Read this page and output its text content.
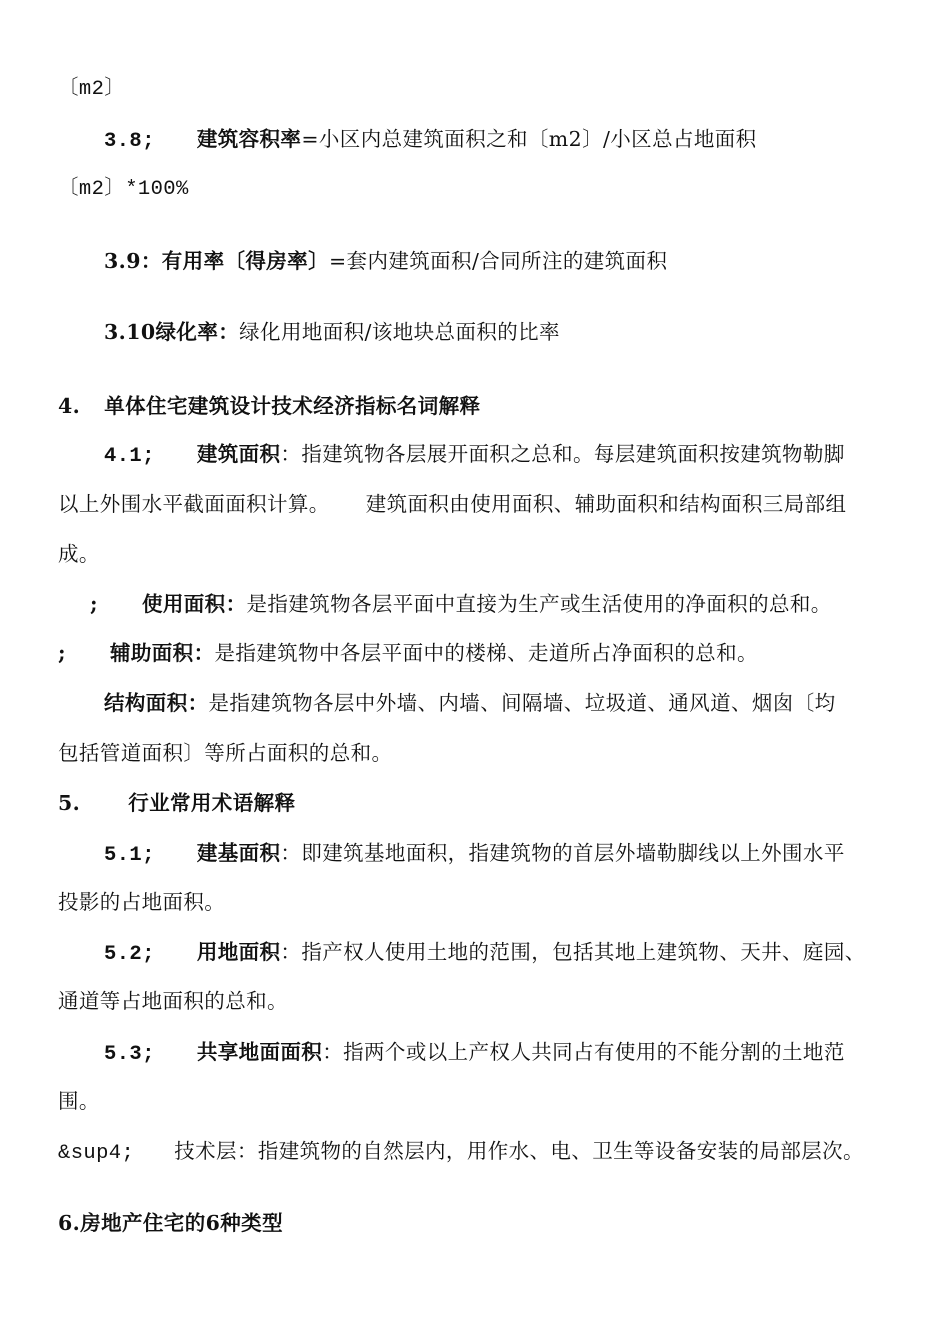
〔m2〕
3.8; 建筑容积率=小区内总建筑面积之和〔m2〕/小区总占地面积
〔m2〕*100%
3.9：有用率〔得房率〕=套内建筑面积/合同所注的建筑面积
3.10绿化率：绿化用地面积/该地块总面积的比率
4. 单体住宅建筑设计技术经济指标名词解释
4.1; 建筑面积：指建筑物各层展开面积之总和。每层建筑面积按建筑物勒脚
以上外围水平截面面积计算。 建筑面积由使用面积、辅助面积和结构面积三局部组
成。
; 使用面积：是指建筑物各层平面中直接为生产或生活使用的净面积的总和。
; 辅助面积：是指建筑物中各层平面中的楼梯、走道所占净面积的总和。
结构面积：是指建筑物各层中外墙、内墙、间隔墙、垃圾道、通风道、烟囱〔均
包括管道面积〕等所占面积的总和。
5. 行业常用术语解释
5.1; 建基面积：即建筑基地面积，指建筑物的首层外墙勒脚线以上外围水平
投影的占地面积。
5.2; 用地面积：指产权人使用土地的范围，包括其地上建筑物、天井、庭园、
通道等占地面积的总和。
5.3; 共享地面面积：指两个或以上产权人共同占有使用的不能分割的土地范
围。
&sup4; 技术层：指建筑物的自然层内，用作水、电、卫生等设备安装的局部层次。
6.房地产住宅的6种类型
